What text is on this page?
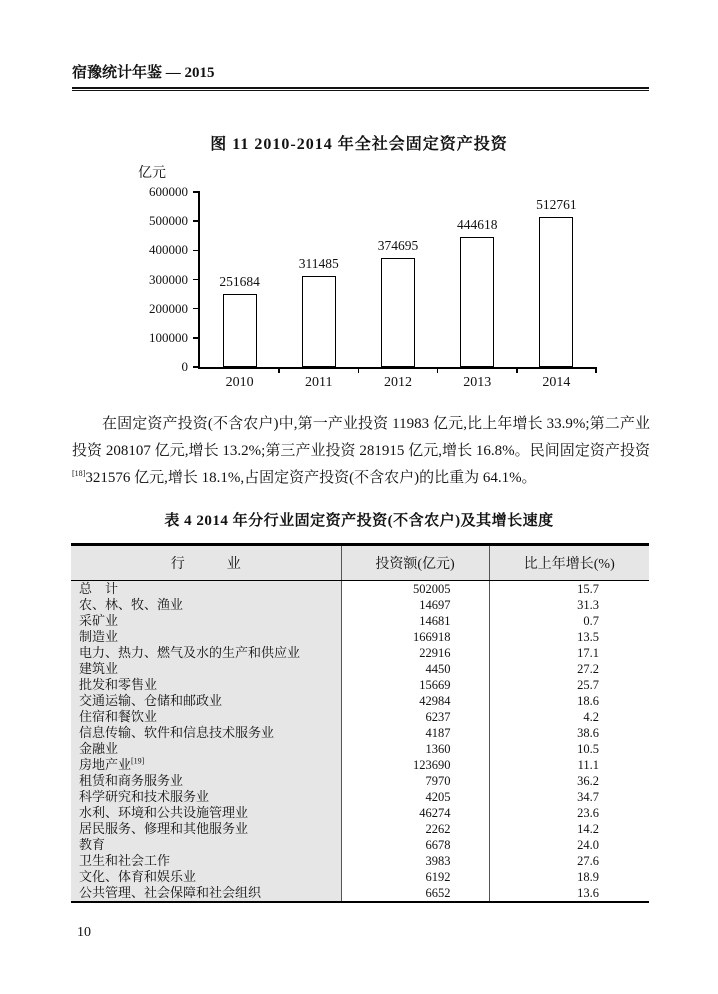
宿豫统计年鉴 — 2015
图 11 2010-2014 年全社会固定资产投资
亿元
0
100000
200000
300000
400000
500000
600000
251684
2010
311485
2011
374695
2012
444618
2013
512761
2014

在固定资产投资(不含农户)中,第一产业投资 11983 亿元,比上年增长 33.9%;第二产业投资 208107 亿元,增长 13.2%;第三产业投资 281915 亿元,增长 16.8%。民间固定资产投资[18]321576 亿元,增长 18.1%,占固定资产投资(不含农户)的比重为 64.1%。

表 4 2014 年分行业固定资产投资(不含农户)及其增长速度
行　　　业	投资额(亿元)	比上年增长(%)
总　计	502005	15.7
农、林、牧、渔业	14697	31.3
采矿业	14681	0.7
制造业	166918	13.5
电力、热力、燃气及水的生产和供应业	22916	17.1
建筑业	4450	27.2
批发和零售业	15669	25.7
交通运输、仓储和邮政业	42984	18.6
住宿和餐饮业	6237	4.2
信息传输、软件和信息技术服务业	4187	38.6
金融业	1360	10.5
房地产业[19]	123690	11.1
租赁和商务服务业	7970	36.2
科学研究和技术服务业	4205	34.7
水利、环境和公共设施管理业	46274	23.6
居民服务、修理和其他服务业	2262	14.2
教育	6678	24.0
卫生和社会工作	3983	27.6
文化、体育和娱乐业	6192	18.9
公共管理、社会保障和社会组织	6652	13.6
10
